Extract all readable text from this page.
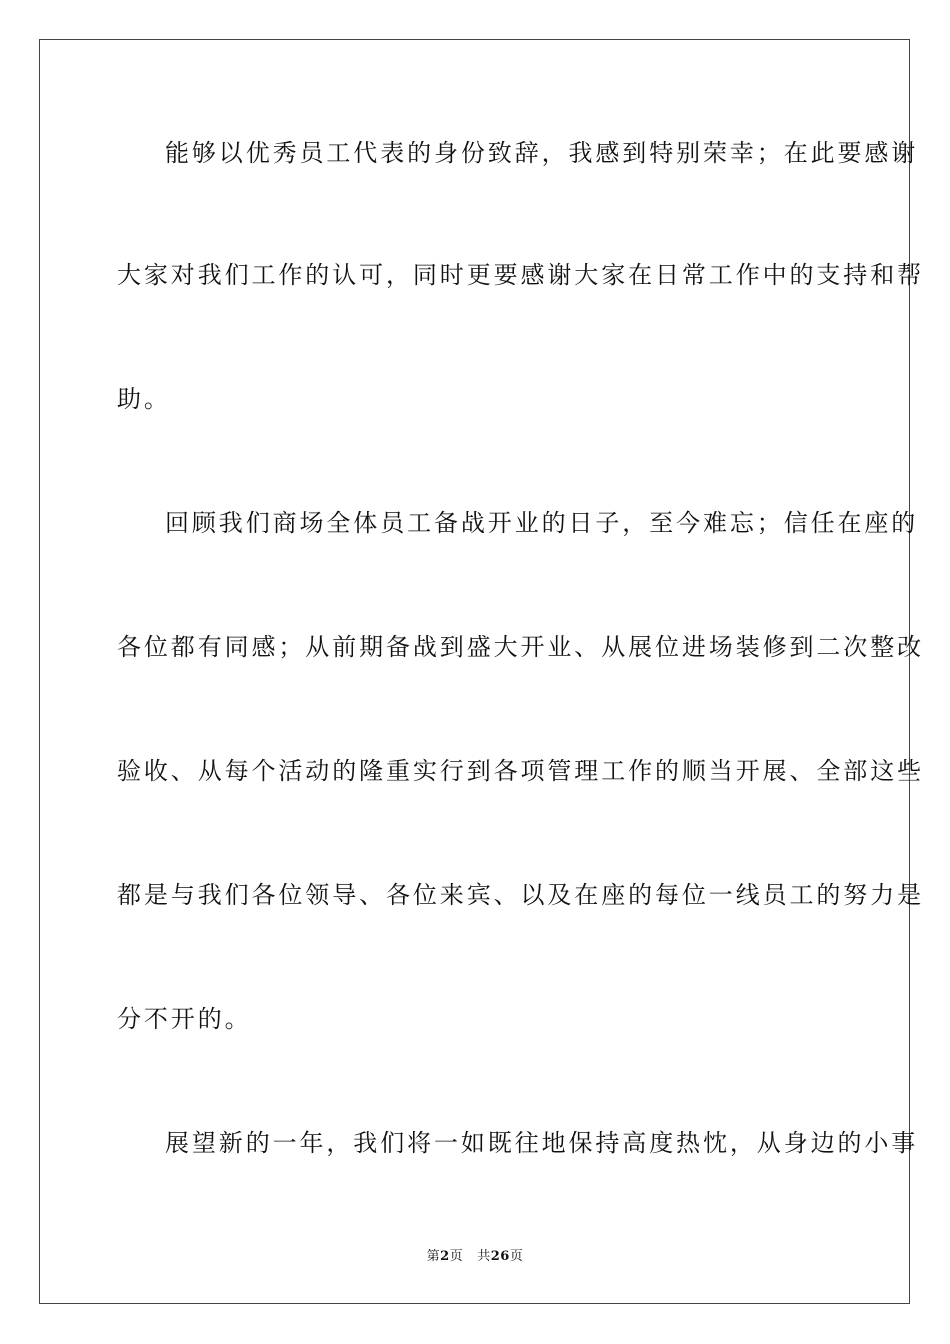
能够以优秀员工代表的身份致辞，我感到特别荣幸；在此要感谢
大家对我们工作的认可，同时更要感谢大家在日常工作中的支持和帮
助。
回顾我们商场全体员工备战开业的日子，至今难忘；信任在座的
各位都有同感；从前期备战到盛大开业、从展位进场装修到二次整改
验收、从每个活动的隆重实行到各项管理工作的顺当开展、全部这些
都是与我们各位领导、各位来宾、以及在座的每位一线员工的努力是
分不开的。
展望新的一年，我们将一如既往地保持高度热忱，从身边的小事
第2页 共26页
